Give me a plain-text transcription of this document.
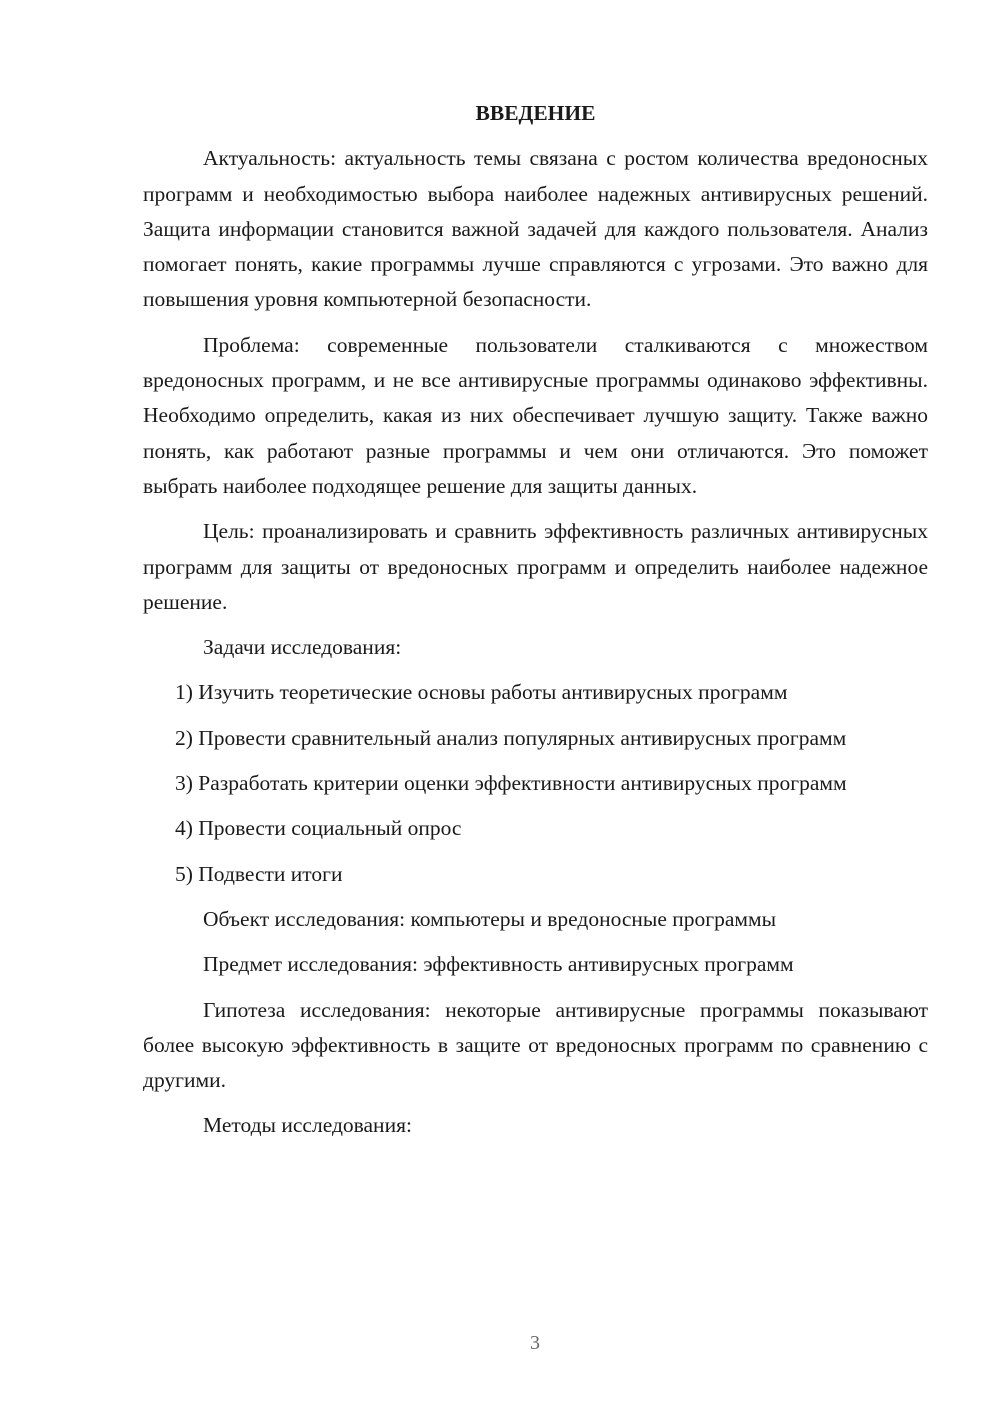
ВВЕДЕНИЕ

Актуальность: актуальность темы связана с ростом количества вредоносных программ и необходимостью выбора наиболее надежных антивирусных решений. Защита информации становится важной задачей для каждого пользователя. Анализ помогает понять, какие программы лучше справляются с угрозами. Это важно для повышения уровня компьютерной безопасности.

Проблема: современные пользователи сталкиваются с множеством вредоносных программ, и не все антивирусные программы одинаково эффективны. Необходимо определить, какая из них обеспечивает лучшую защиту. Также важно понять, как работают разные программы и чем они отличаются. Это поможет выбрать наиболее подходящее решение для защиты данных.

Цель: проанализировать и сравнить эффективность различных антивирусных программ для защиты от вредоносных программ и определить наиболее надежное решение.

Задачи исследования:

1) Изучить теоретические основы работы антивирусных программ

2) Провести сравнительный анализ популярных антивирусных программ

3) Разработать критерии оценки эффективности антивирусных программ

4) Провести социальный опрос

5) Подвести итоги

Объект исследования: компьютеры и вредоносные программы

Предмет исследования: эффективность антивирусных программ

Гипотеза исследования: некоторые антивирусные программы показывают более высокую эффективность в защите от вредоносных программ по сравнению с другими.

Методы исследования:

3
